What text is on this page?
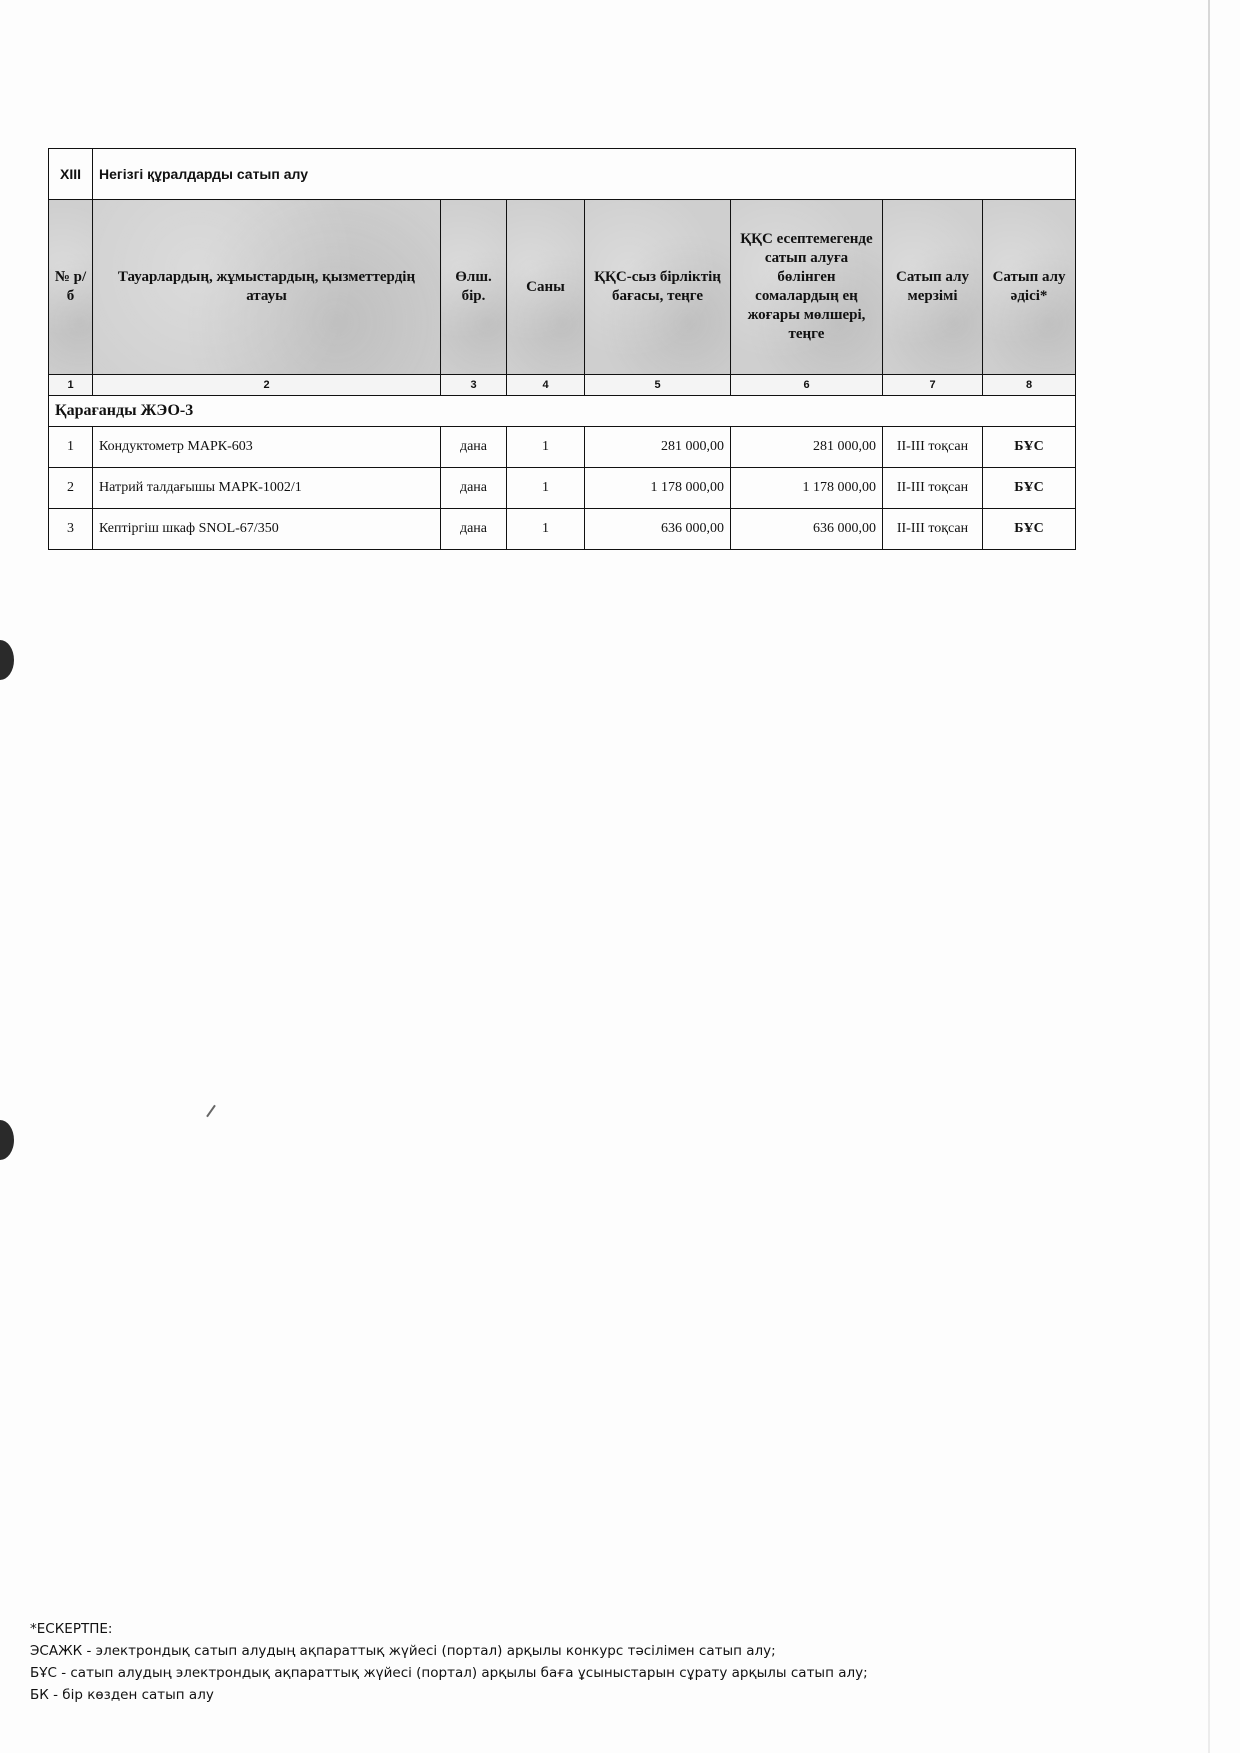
XIII	Негізгі құралдарды сатып алу						
№ р/б	Тауарлардың, жұмыстардың, қызметтердің атауы	Өлш. бір.	Саны	ҚҚС-сыз бірліктің бағасы, теңге	ҚҚС есептемегенде сатып алуға бөлінген сомалардың ең жоғары мөлшері, теңге	Сатып алу мерзімі	Сатып алу әдісі*
1	2	3	4	5	6	7	8
Қарағанды ЖЭО-3							
1	Кондуктометр МАРК-603	дана	1	281 000,00	281 000,00	II-III тоқсан	БҰС
2	Натрий талдағышы МАРК-1002/1	дана	1	1 178 000,00	1 178 000,00	II-III тоқсан	БҰС
3	Кептіргіш шкаф SNOL-67/350	дана	1	636 000,00	636 000,00	II-III тоқсан	БҰС
*ЕСКЕРТПЕ:
ЭСАЖК - электрондық сатып алудың ақпараттық жүйесі (портал) арқылы конкурс тәсілімен сатып алу;
БҰС - сатып алудың электрондық ақпараттық жүйесі (портал) арқылы баға ұсыныстарын сұрату арқылы сатып алу;
БК - бір көзден сатып алу
